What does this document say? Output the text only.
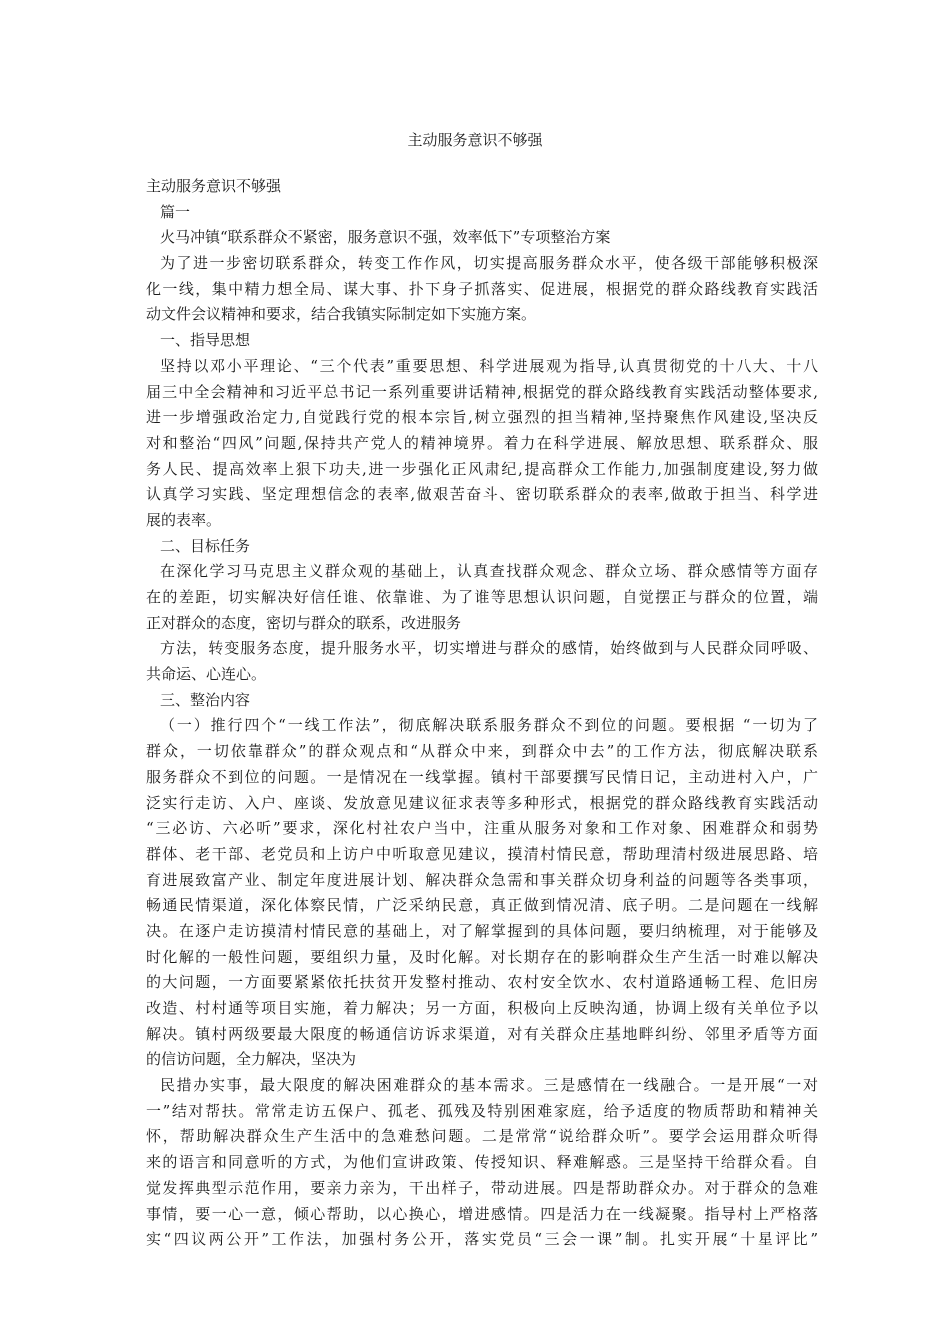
主动服务意识不够强

主动服务意识不够强

篇一

火马冲镇“联系群众不紧密，服务意识不强，效率低下”专项整治方案

为了进一步密切联系群众，转变工作作风，切实提高服务群众水平，使各级干部能够积极深

化一线，集中精力想全局、谋大事、扑下身子抓落实、促进展，根据党的群众路线教育实践活

动文件会议精神和要求，结合我镇实际制定如下实施方案。

一、指导思想

坚持以邓小平理论、“三个代表”重要思想、科学进展观为指导,认真贯彻党的十八大、十八

届三中全会精神和习近平总书记一系列重要讲话精神,根据党的群众路线教育实践活动整体要求,

进一步增强政治定力,自觉践行党的根本宗旨,树立强烈的担当精神,坚持聚焦作风建设,坚决反

对和整治“四风”问题,保持共产党人的精神境界。着力在科学进展、解放思想、联系群众、服

务人民、提高效率上狠下功夫,进一步强化正风肃纪,提高群众工作能力,加强制度建设,努力做

认真学习实践、坚定理想信念的表率,做艰苦奋斗、密切联系群众的表率,做敢于担当、科学进

展的表率。

二、目标任务

在深化学习马克思主义群众观的基础上，认真查找群众观念、群众立场、群众感情等方面存

在的差距，切实解决好信任谁、依靠谁、为了谁等思想认识问题，自觉摆正与群众的位置，端

正对群众的态度，密切与群众的联系，改进服务

方法，转变服务态度，提升服务水平，切实增进与群众的感情，始终做到与人民群众同呼吸、

共命运、心连心。

三、整治内容

（一）推行四个“一线工作法”，彻底解决联系服务群众不到位的问题。要根据 “一切为了

群众，一切依靠群众”的群众观点和“从群众中来，到群众中去”的工作方法，彻底解决联系

服务群众不到位的问题。一是情况在一线掌握。镇村干部要撰写民情日记，主动进村入户，广

泛实行走访、入户、座谈、发放意见建议征求表等多种形式，根据党的群众路线教育实践活动

“三必访、六必听”要求，深化村社农户当中，注重从服务对象和工作对象、困难群众和弱势

群体、老干部、老党员和上访户中听取意见建议，摸清村情民意，帮助理清村级进展思路、培

育进展致富产业、制定年度进展计划、解决群众急需和事关群众切身利益的问题等各类事项，

畅通民情渠道，深化体察民情，广泛采纳民意，真正做到情况清、底子明。二是问题在一线解

决。在逐户走访摸清村情民意的基础上，对了解掌握到的具体问题，要归纳梳理，对于能够及

时化解的一般性问题，要组织力量，及时化解。对长期存在的影响群众生产生活一时难以解决

的大问题，一方面要紧紧依托扶贫开发整村推动、农村安全饮水、农村道路通畅工程、危旧房

改造、村村通等项目实施，着力解决；另一方面，积极向上反映沟通，协调上级有关单位予以

解决。镇村两级要最大限度的畅通信访诉求渠道，对有关群众庄基地畔纠纷、邻里矛盾等方面

的信访问题，全力解决，坚决为

民措办实事，最大限度的解决困难群众的基本需求。三是感情在一线融合。一是开展“一对

一”结对帮扶。常常走访五保户、孤老、孤残及特别困难家庭，给予适度的物质帮助和精神关

怀，帮助解决群众生产生活中的急难愁问题。二是常常“说给群众听”。要学会运用群众听得

来的语言和同意听的方式，为他们宣讲政策、传授知识、释难解惑。三是坚持干给群众看。自

觉发挥典型示范作用，要亲力亲为，干出样子，带动进展。四是帮助群众办。对于群众的急难

事情，要一心一意，倾心帮助，以心换心，增进感情。四是活力在一线凝聚。指导村上严格落

实“四议两公开”工作法，加强村务公开，落实党员“三会一课”制。扎实开展“十星评比”
